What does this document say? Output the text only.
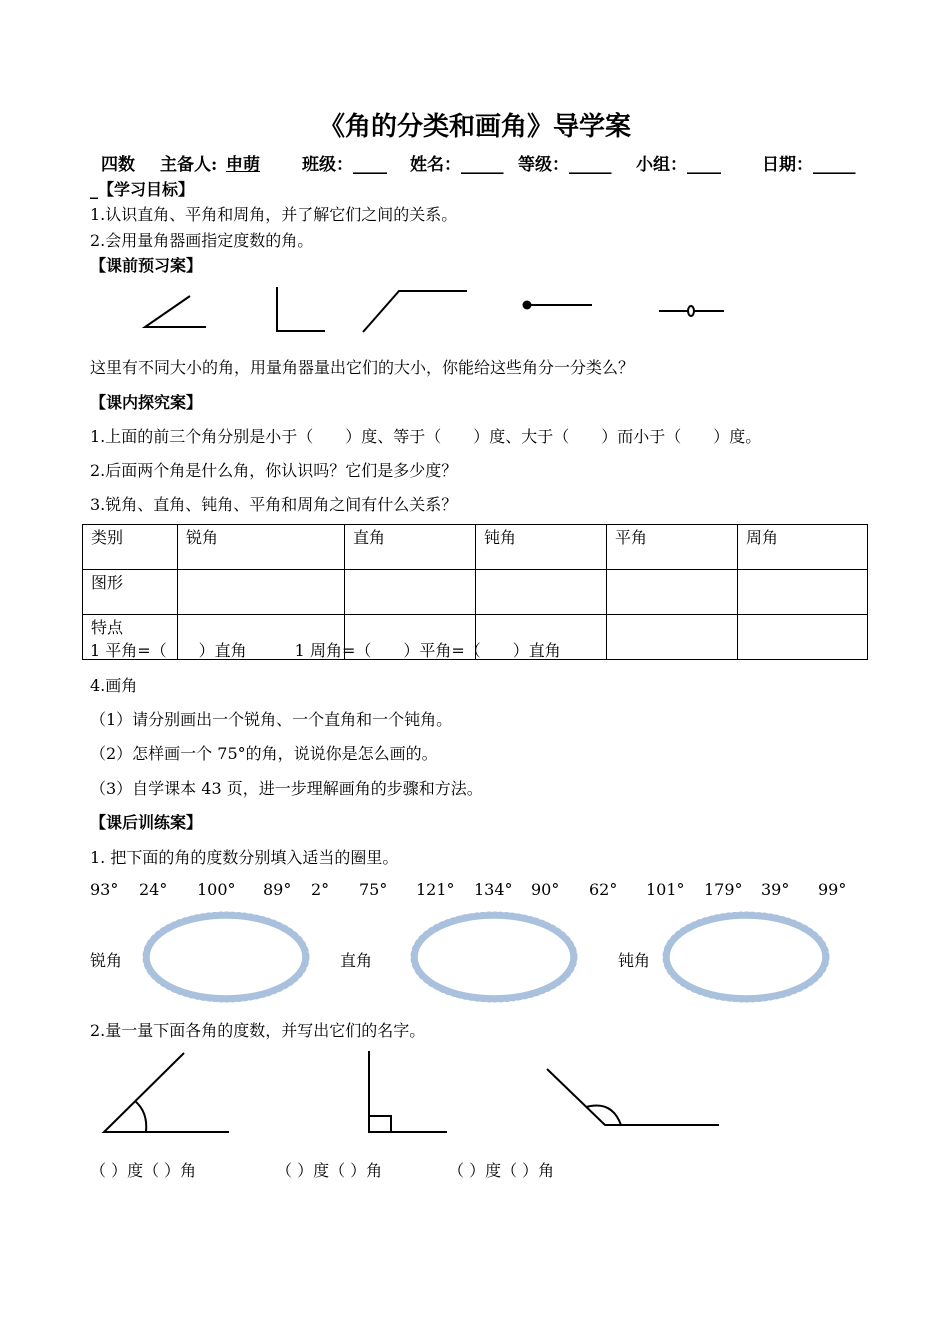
《角的分类和画角》导学案
四数 主备人: 申萌 班级：____ 姓名：_____ 等级：_____ 小组：____ 日期：_____
_【学习目标】
1.认识直角、平角和周角，并了解它们之间的关系。
2.会用量角器画指定度数的角。
【课前预习案】
这里有不同大小的角，用量角器量出它们的大小，你能给这些角分一分类么？
【课内探究案】
1.上面的前三个角分别是小于（　　）度、等于（　　）度、大于（　　）而小于（　　）度。
2.后面两个角是什么角，你认识吗？它们是多少度？
3.锐角、直角、钝角、平角和周角之间有什么关系？
类别	锐角	直角	钝角	平角	周角
图形					
特点					
1 平角=（　　）直角　　　1 周角=（　　）平角=（　　）直角
4.画角
（1）请分别画出一个锐角、一个直角和一个钝角。
（2）怎样画一个 75°的角，说说你是怎么画的。
（3）自学课本 43 页，进一步理解画角的步骤和方法。
【课后训练案】
1. 把下面的角的度数分别填入适当的圈里。
93° 24° 100° 89° 2° 75° 121° 134° 90° 62° 101° 179° 39° 99°
锐角	直角	钝角
2.量一量下面各角的度数，并写出它们的名字。
（ ）度（ ）角	（ ）度（ ）角	（ ）度（ ）角
